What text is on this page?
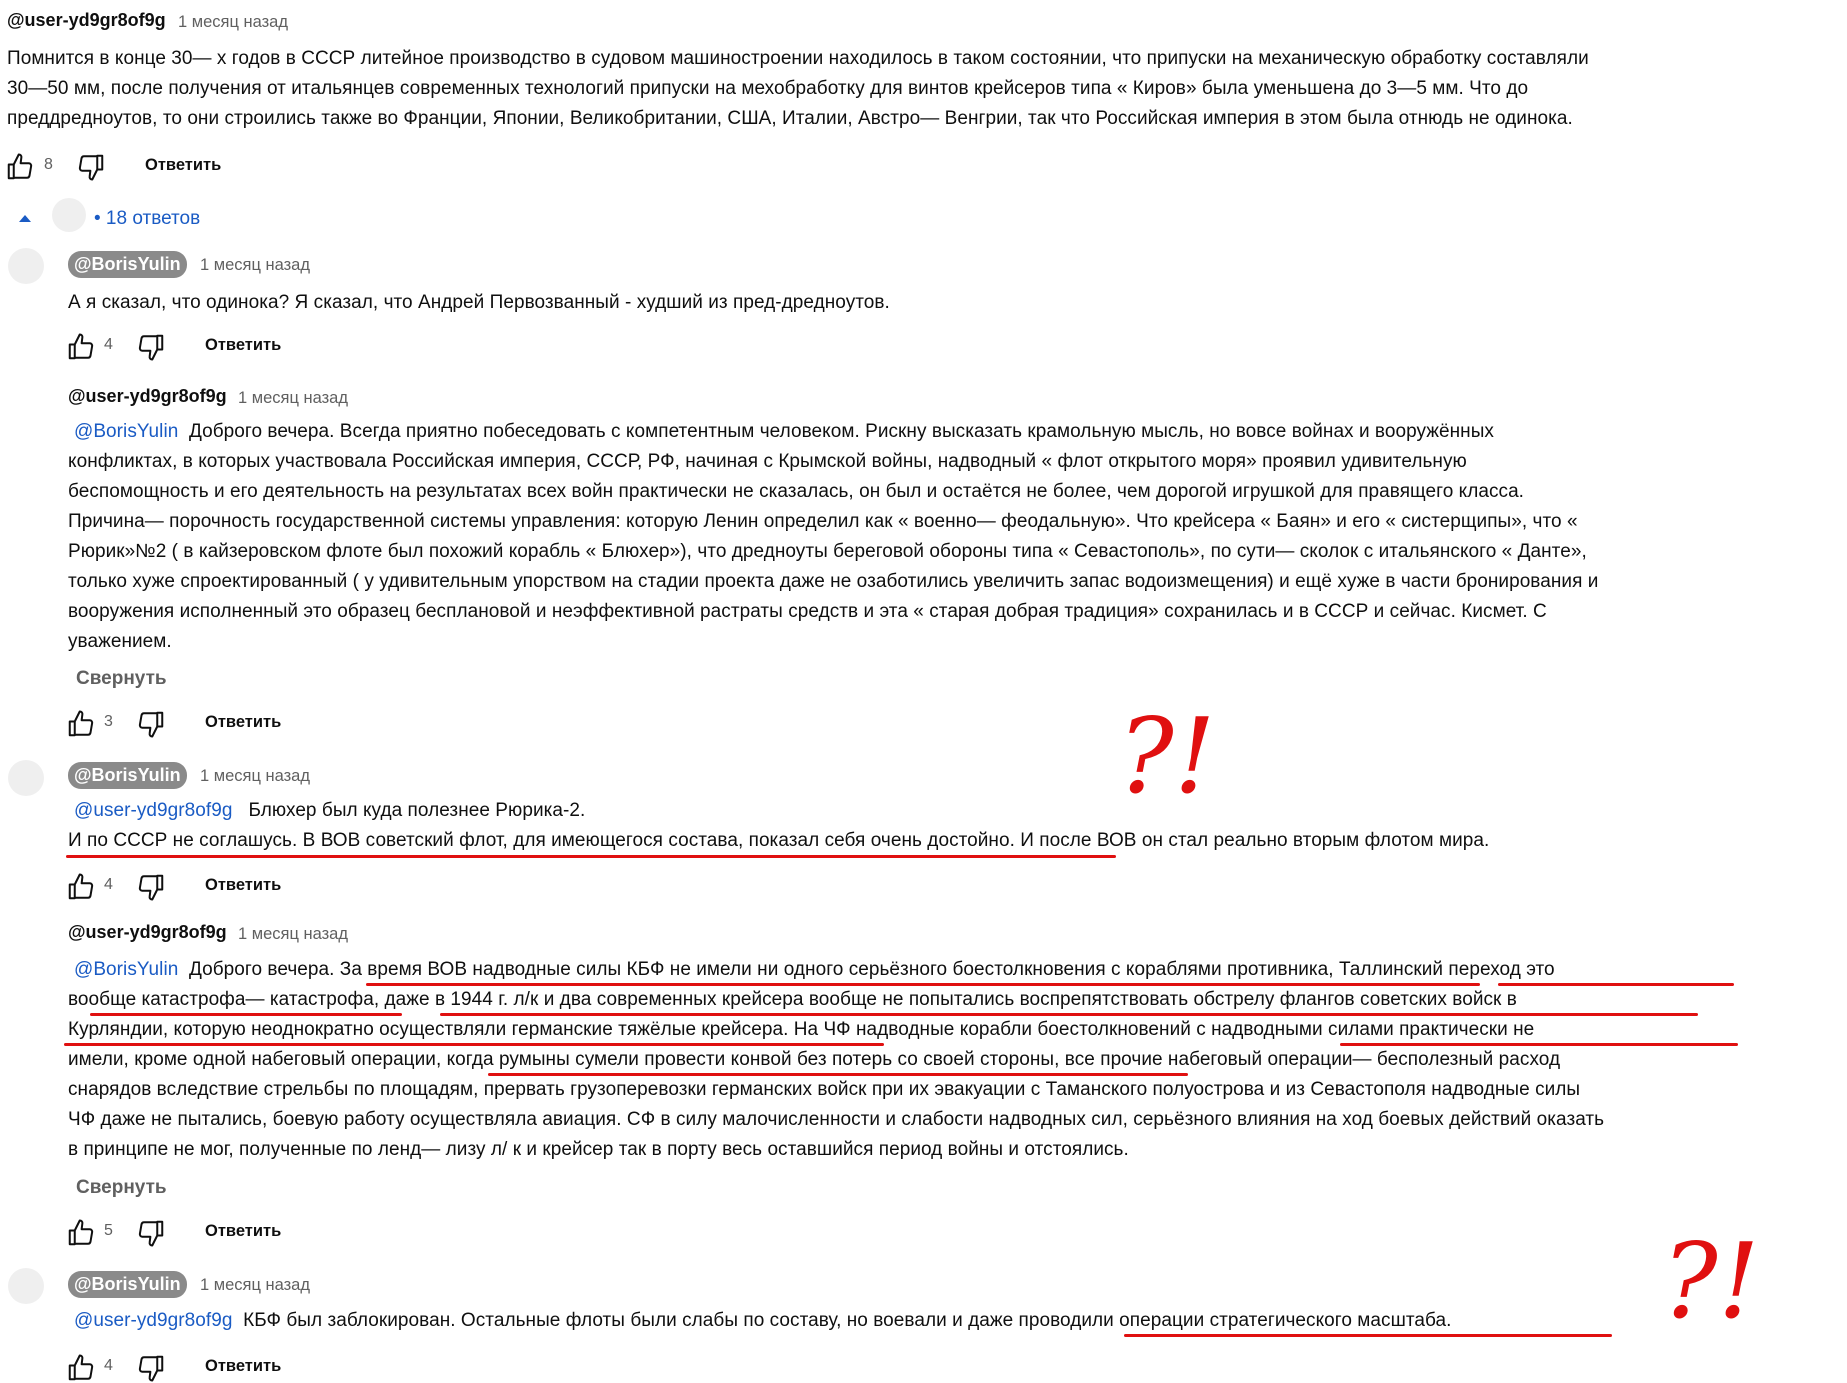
@user-yd9gr8of9g 1 месяц назад
Помнится в конце 30— х годов в СССР литейное производство в судовом машиностроении находилось в таком состоянии, что припуски на механическую обработку составляли
30—50 мм, после получения от итальянцев современных технологий припуски на мехобработку для винтов крейсеров типа « Киров» была уменьшена до 3—5 мм. Что до
преддредноутов, то они строились также во Франции, Японии, Великобритании, США, Италии, Австро— Венгрии, так что Российская империя в этом была отнюдь не одинока.
8	Ответить
• 18 ответов
@BorisYulin	1 месяц назад
А я сказал, что одинока? Я сказал, что Андрей Первозванный - худший из пред-дредноутов.
4	Ответить
@user-yd9gr8of9g 1 месяц назад
@BorisYulin Доброго вечера. Всегда приятно побеседовать с компетентным человеком. Рискну высказать крамольную мысль, но вовсе войнах и вооружённых
конфликтах, в которых участвовала Российская империя, СССР, РФ, начиная с Крымской войны, надводный « флот открытого моря» проявил удивительную
беспомощность и его деятельность на результатах всех войн практически не сказалась, он был и остаётся не более, чем дорогой игрушкой для правящего класса.
Причина— порочность государственной системы управления: которую Ленин определил как « военно— феодальную». Что крейсера « Баян» и его « систерщипы», что «
Рюрик»№2 ( в кайзеровском флоте был похожий корабль « Блюхер»), что дредноуты береговой обороны типа « Севастополь», по сути— сколок с итальянского « Данте»,
только хуже спроектированный ( у удивительным упорством на стадии проекта даже не озаботились увеличить запас водоизмещения) и ещё хуже в части бронирования и
вооружения исполненный это образец беcплановой и неэффективной растраты средств и эта « старая добрая традиция» сохранилась и в СССР и сейчас. Кисмет. С
уважением.
Свернуть
3	Ответить
@BorisYulin	1 месяц назад
@user-yd9gr8of9g Блюхер был куда полезнее Рюрика-2.
И по СССР не соглашусь. В ВОВ советский флот, для имеющегося состава, показал себя очень достойно. И после ВОВ он стал реально вторым флотом мира.
4	Ответить
@user-yd9gr8of9g 1 месяц назад
@BorisYulin Доброго вечера. За время ВОВ надводные силы КБФ не имели ни одного серьёзного боестолкновения с кораблями противника, Таллинский переход это
вообще катастрофа— катастрофа, даже в 1944 г. л/к и два современных крейсера вообще не попытались воспрепятствовать обстрелу флангов советских войск в
Курляндии, которую неоднократно осуществляли германские тяжёлые крейсера. На ЧФ надводные корабли боестолкновений с надводными силами практически не
имели, кроме одной набеговый операции, когда румыны сумели провести конвой без потерь со своей стороны, все прочие набеговый операции— бесполезный расход
снарядов вследствие стрельбы по площадям, прервать грузоперевозки германских войск при их эвакуации с Таманского полуострова и из Севастополя надводные силы
ЧФ даже не пытались, боевую работу осуществляла авиация. СФ в силу малочисленности и слабости надводных сил, серьёзного влияния на ход боевых действий оказать
в принципе не мог, полученные по ленд— лизу л/ к и крейсер так в порту весь оставшийся период войны и отстоялись.
Свернуть
5	Ответить
@BorisYulin	1 месяц назад
@user-yd9gr8of9g КБФ был заблокирован. Остальные флоты были слабы по составу, но воевали и даже проводили операции стратегического масштаба.
4	Ответить
?!
?!
